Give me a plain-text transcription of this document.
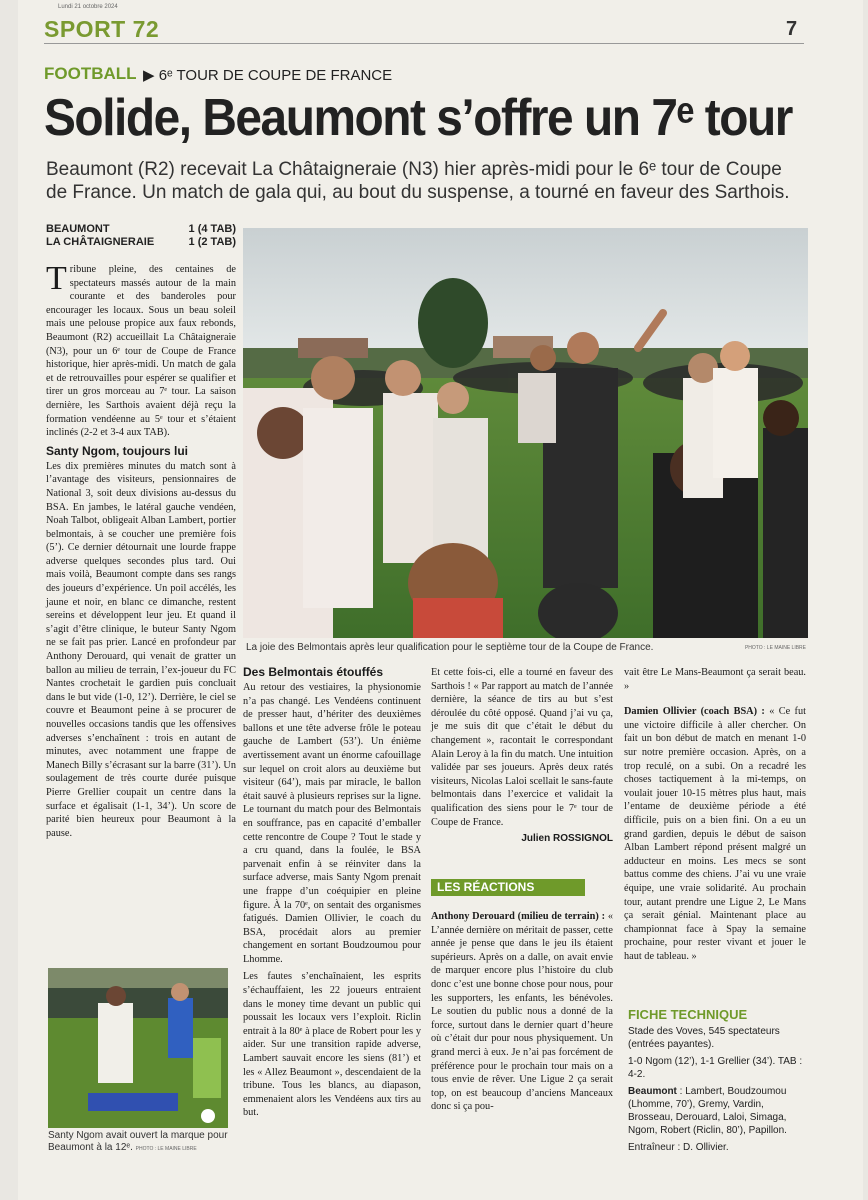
Lundi 21 octobre 2024
SPORT 72	7
FOOTBALL ▶ 6ᵉ TOUR DE COUPE DE FRANCE
Solide, Beaumont s’offre un 7ᵉ tour
Beaumont (R2) recevait La Châtaigneraie (N3) hier après-midi pour le 6ᵉ tour de Coupe de France. Un match de gala qui, au bout du suspense, a tourné en faveur des Sarthois.
BEAUMONT	1 (4 TAB)
LA CHÂTAIGNERAIE	1 (2 TAB)
La joie des Belmontais après leur qualification pour le septième tour de la Coupe de France.	PHOTO : LE MAINE LIBRE

Tribune pleine, des centaines de spectateurs massés autour de la main courante et des banderoles pour encourager les locaux. Sous un beau soleil mais une pelouse propice aux faux rebonds, Beaumont (R2) accueillait La Châtaigneraie (N3), pour un 6ᵉ tour de Coupe de France historique, hier après-midi. Un match de gala et de retrouvailles pour espérer se qualifier et tirer un gros morceau au 7ᵉ tour. La saison dernière, les Sarthois avaient déjà reçu la formation vendéenne au 5ᵉ tour et s’étaient inclinés (2-2 et 3-4 aux TAB).

Santy Ngom, toujours lui

Les dix premières minutes du match sont à l’avantage des visiteurs, pensionnaires de National 3, soit deux divisions au-dessus du BSA. En jambes, le latéral gauche vendéen, Noah Talbot, obligeait Alban Lambert, portier belmontais, à se coucher une première fois (5’). Ce dernier détournait une lourde frappe adverse quelques secondes plus tard. Oui mais voilà, Beaumont compte dans ses rangs des joueurs d’expérience. Un poil accélés, les jaune et noir, en blanc ce dimanche, restent sereins et développent leur jeu. Et quand il s’agit d’être clinique, le buteur Santy Ngom ne se fait pas prier. Lancé en profondeur par Anthony Derouard, qui venait de gratter un ballon au milieu de terrain, l’ex-joueur du FC Nantes crochetait le gardien puis concluait dans le but vide (1-0, 12’). Derrière, le ciel se couvre et Beaumont peine à se procurer de nouvelles occasions tandis que les offensives adverses s’enchaînent : trois en autant de minutes, avec notamment une frappe de Manech Billy s’écrasant sur la barre (31’). Un soulagement de très courte durée puisque Pierre Grellier coupait un centre dans la surface et égalisait (1-1, 34’). Un score de parité bien heureux pour Beaumont à la pause.

Santy Ngom avait ouvert la marque pour Beaumont à la 12ᵉ. PHOTO : LE MAINE LIBRE
Des Belmontais étouffés

Au retour des vestiaires, la physionomie n’a pas changé. Les Vendéens continuent de presser haut, d’hériter des deuxièmes ballons et une tête adverse frôle le poteau gauche de Lambert (53’). Un énième avertissement avant un énorme cafouillage sur lequel on croit alors au deuxième but visiteur (64’), mais par miracle, le ballon était sauvé à plusieurs reprises sur la ligne. Le tournant du match pour des Belmontais en souffrance, pas en capacité d’emballer cette rencontre de Coupe ? Tout le stade y a cru quand, dans la foulée, le BSA parvenait enfin à se réinviter dans la surface adverse, mais Santy Ngom prenait une frappe d’un coéquipier en pleine figure. À la 70ᵉ, on sentait des organismes fatigués. Damien Ollivier, le coach du BSA, procédait alors au premier changement en sortant Boudzoumou pour Lhomme.

Les fautes s’enchaînaient, les esprits s’échauffaient, les 22 joueurs entraient dans le money time devant un public qui poussait les locaux vers l’exploit. Riclin entrait à la 80ᵉ à place de Robert pour les y aider. Sur une transition rapide adverse, Lambert sauvait encore les siens (81’) et les « Allez Beaumont », descendaient de la tribune. Tous les blancs, au diapason, emmenaient alors les Vendéens aux tirs au but.

Et cette fois-ci, elle a tourné en faveur des Sarthois ! « Par rapport au match de l’année dernière, la séance de tirs au but s’est déroulée du côté opposé. Quand j’ai vu ça, je me suis dit que c’était le début du changement », racontait le correspondant Alain Leroy à la fin du match. Une intuition validée par ses joueurs. Après deux ratés visiteurs, Nicolas Laloi scellait le sans-faute belmontais dans l’exercice et validait la qualification des siens pour le 7ᵉ tour de Coupe de France.

Julien ROSSIGNOL
LES RÉACTIONS

Anthony Derouard (milieu de terrain) : « L’année dernière on méritait de passer, cette année je pense que dans le jeu ils étaient supérieurs. Après on a dalle, on avait envie de marquer encore plus l’histoire du club donc c’est une bonne chose pour nous, pour les supporters, les enfants, les bénévoles. Le soutien du public nous a donné de la force, surtout dans le dernier quart d’heure où c’était dur pour nous physiquement. Un grand merci à eux. Je n’ai pas forcément de préférence pour le prochain tour mais on a tous envie de rêver. Une Ligue 2 ça serait top, on est beaucoup d’anciens Manceaux donc si ça pou-

vait être Le Mans-Beaumont ça serait beau. »

Damien Ollivier (coach BSA) : « Ce fut une victoire difficile à aller chercher. On fait un bon début de match en menant 1-0 sur notre première occasion. Après, on a trop reculé, on a subi. On a recadré les choses tactiquement à la mi-temps, on voulait jouer 10-15 mètres plus haut, mais l’entame de deuxième période a été difficile, puis on a bien fini. On a eu un grand gardien, depuis le début de saison Alban Lambert répond présent malgré un adducteur en moins. Les mecs se sont battus comme des chiens. J’ai vu une vraie équipe, une vraie solidarité. Au prochain tour, autant prendre une Ligue 2, Le Mans ça serait génial. Maintenant place au championnat face à Spay la semaine prochaine, pour rester vivant et jouer le haut de tableau. »

FICHE TECHNIQUE

Stade des Voves, 545 spectateurs (entrées payantes).

1-0 Ngom (12’), 1-1 Grellier (34’). TAB : 4-2.

Beaumont : Lambert, Boudzoumou (Lhomme, 70’), Gremy, Vardin, Brosseau, Derouard, Laloi, Simaga, Ngom, Robert (Riclin, 80’), Papillon.

Entraîneur : D. Ollivier.
